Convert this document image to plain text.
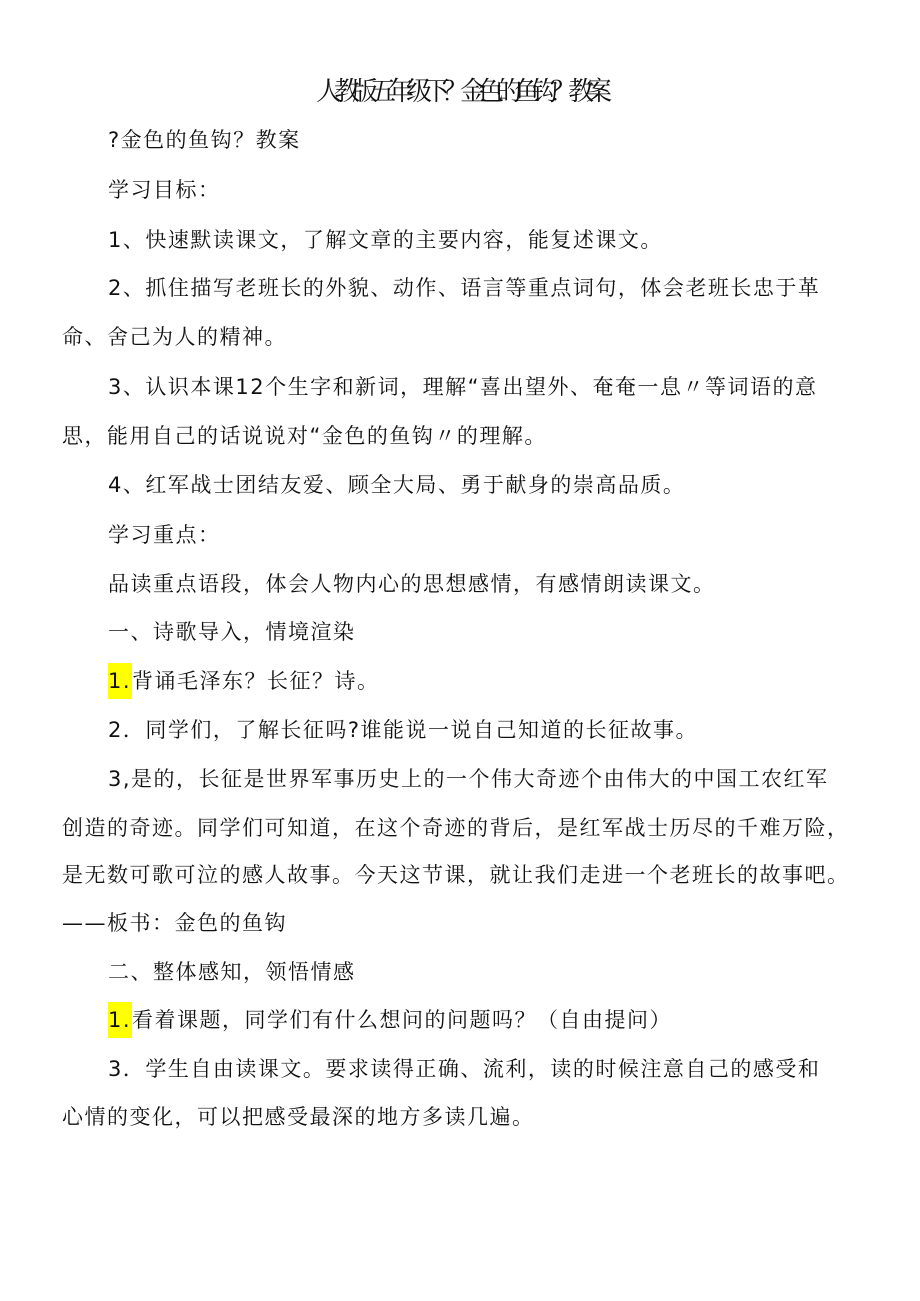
人教版五年级下？金色的鱼钩？教案
?金色的鱼钩？教案
学习目标：
1、快速默读课文，了解文章的主要内容，能复述课文。
2、抓住描写老班长的外貌、动作、语言等重点词句，体会老班长忠于革
命、舍己为人的精神。
3、认识本课12个生字和新词，理解“喜出望外、奄奄一息〃等词语的意
思，能用自己的话说说对“金色的鱼钩〃的理解。
4、红军战士团结友爱、顾全大局、勇于献身的崇高品质。
学习重点：
品读重点语段，体会人物内心的思想感情，有感情朗读课文。
一、诗歌导入，情境渲染
1.背诵毛泽东？长征？诗。
2．同学们，了解长征吗?谁能说一说自己知道的长征故事。
3,是的，长征是世界军事历史上的一个伟大奇迹个由伟大的中国工农红军
创造的奇迹。同学们可知道，在这个奇迹的背后，是红军战士历尽的千难万险，
是无数可歌可泣的感人故事。今天这节课，就让我们走进一个老班长的故事吧。
——板书：金色的鱼钩
二、整体感知，领悟情感
1.看着课题，同学们有什么想问的问题吗？（自由提问）
3．学生自由读课文。要求读得正确、流利，读的时候注意自己的感受和
心情的变化，可以把感受最深的地方多读几遍。
